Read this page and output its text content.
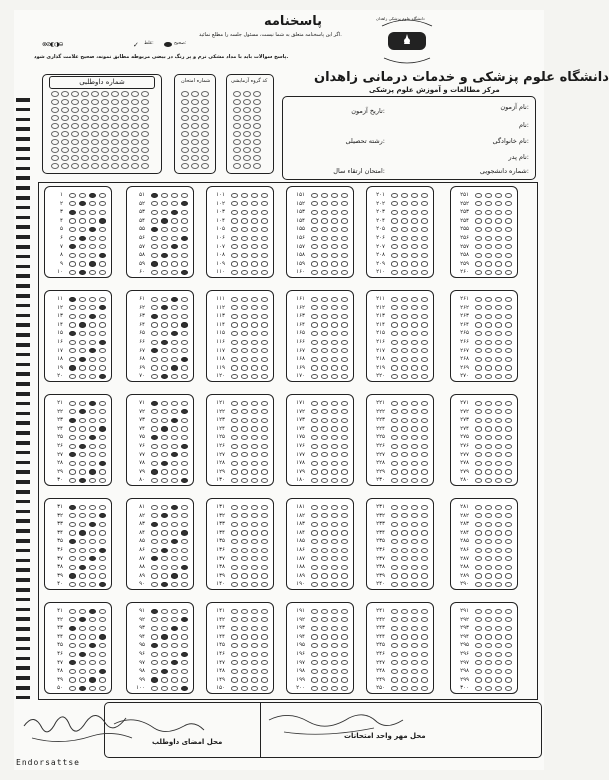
پاسخنامه
اگر این پاسخنامه متعلق به شما نیست، مسئول جلسه را مطلع نمائید.
صحیح:
غلط:
✓
⊗⊘◐◑⊖
پاسخ سوالات باید با مداد مشکی نرم و پر رنگ در بیضی مربوطه مطابق نمونه، صحیح علامت گذاری شود.
دانشگاه علوم پزشکی زاهدان
دانشگاه علوم پزشکی و خدمات درمانی زاهدان
مرکز مطالعات و آموزش علوم پزشکی
شماره داوطلبی	شماره امتحان	کد گروه آزمایشی
نام آزمون:
تاریخ آزمون:
نام:
نام خانوادگی:
رشته تحصیلی:
نام پدر:
شماره دانشجویی:
امتحان ارتقاء سال:
۱
۲
۳
۴
۵
۶
۷
۸
۹
۱۰
۱۱
۱۲
۱۳
۱۴
۱۵
۱۶
۱۷
۱۸
۱۹
۲۰
۲۱
۲۲
۲۳
۲۴
۲۵
۲۶
۲۷
۲۸
۲۹
۳۰
۳۱
۳۲
۳۳
۳۴
۳۵
۳۶
۳۷
۳۸
۳۹
۴۰
۴۱
۴۲
۴۳
۴۴
۴۵
۴۶
۴۷
۴۸
۴۹
۵۰
۵۱
۵۲
۵۳
۵۴
۵۵
۵۶
۵۷
۵۸
۵۹
۶۰
۶۱
۶۲
۶۳
۶۴
۶۵
۶۶
۶۷
۶۸
۶۹
۷۰
۷۱
۷۲
۷۳
۷۴
۷۵
۷۶
۷۷
۷۸
۷۹
۸۰
۸۱
۸۲
۸۳
۸۴
۸۵
۸۶
۸۷
۸۸
۸۹
۹۰
۹۱
۹۲
۹۳
۹۴
۹۵
۹۶
۹۷
۹۸
۹۹
۱۰۰
۱۰۱
۱۰۲
۱۰۳
۱۰۴
۱۰۵
۱۰۶
۱۰۷
۱۰۸
۱۰۹
۱۱۰
۱۱۱
۱۱۲
۱۱۳
۱۱۴
۱۱۵
۱۱۶
۱۱۷
۱۱۸
۱۱۹
۱۲۰
۱۲۱
۱۲۲
۱۲۳
۱۲۴
۱۲۵
۱۲۶
۱۲۷
۱۲۸
۱۲۹
۱۳۰
۱۳۱
۱۳۲
۱۳۳
۱۳۴
۱۳۵
۱۳۶
۱۳۷
۱۳۸
۱۳۹
۱۴۰
۱۴۱
۱۴۲
۱۴۳
۱۴۴
۱۴۵
۱۴۶
۱۴۷
۱۴۸
۱۴۹
۱۵۰
۱۵۱
۱۵۲
۱۵۳
۱۵۴
۱۵۵
۱۵۶
۱۵۷
۱۵۸
۱۵۹
۱۶۰
۱۶۱
۱۶۲
۱۶۳
۱۶۴
۱۶۵
۱۶۶
۱۶۷
۱۶۸
۱۶۹
۱۷۰
۱۷۱
۱۷۲
۱۷۳
۱۷۴
۱۷۵
۱۷۶
۱۷۷
۱۷۸
۱۷۹
۱۸۰
۱۸۱
۱۸۲
۱۸۳
۱۸۴
۱۸۵
۱۸۶
۱۸۷
۱۸۸
۱۸۹
۱۹۰
۱۹۱
۱۹۲
۱۹۳
۱۹۴
۱۹۵
۱۹۶
۱۹۷
۱۹۸
۱۹۹
۲۰۰
۲۰۱
۲۰۲
۲۰۳
۲۰۴
۲۰۵
۲۰۶
۲۰۷
۲۰۸
۲۰۹
۲۱۰
۲۱۱
۲۱۲
۲۱۳
۲۱۴
۲۱۵
۲۱۶
۲۱۷
۲۱۸
۲۱۹
۲۲۰
۲۲۱
۲۲۲
۲۲۳
۲۲۴
۲۲۵
۲۲۶
۲۲۷
۲۲۸
۲۲۹
۲۳۰
۲۳۱
۲۳۲
۲۳۳
۲۳۴
۲۳۵
۲۳۶
۲۳۷
۲۳۸
۲۳۹
۲۴۰
۲۴۱
۲۴۲
۲۴۳
۲۴۴
۲۴۵
۲۴۶
۲۴۷
۲۴۸
۲۴۹
۲۵۰
۲۵۱
۲۵۲
۲۵۳
۲۵۴
۲۵۵
۲۵۶
۲۵۷
۲۵۸
۲۵۹
۲۶۰
۲۶۱
۲۶۲
۲۶۳
۲۶۴
۲۶۵
۲۶۶
۲۶۷
۲۶۸
۲۶۹
۲۷۰
۲۷۱
۲۷۲
۲۷۳
۲۷۴
۲۷۵
۲۷۶
۲۷۷
۲۷۸
۲۷۹
۲۸۰
۲۸۱
۲۸۲
۲۸۳
۲۸۴
۲۸۵
۲۸۶
۲۸۷
۲۸۸
۲۸۹
۲۹۰
۲۹۱
۲۹۲
۲۹۳
۲۹۴
۲۹۵
۲۹۶
۲۹۷
۲۹۸
۲۹۹
۳۰۰
محل امضای داوطلب
محل مهر واحد امتحانات
Endorsattse
